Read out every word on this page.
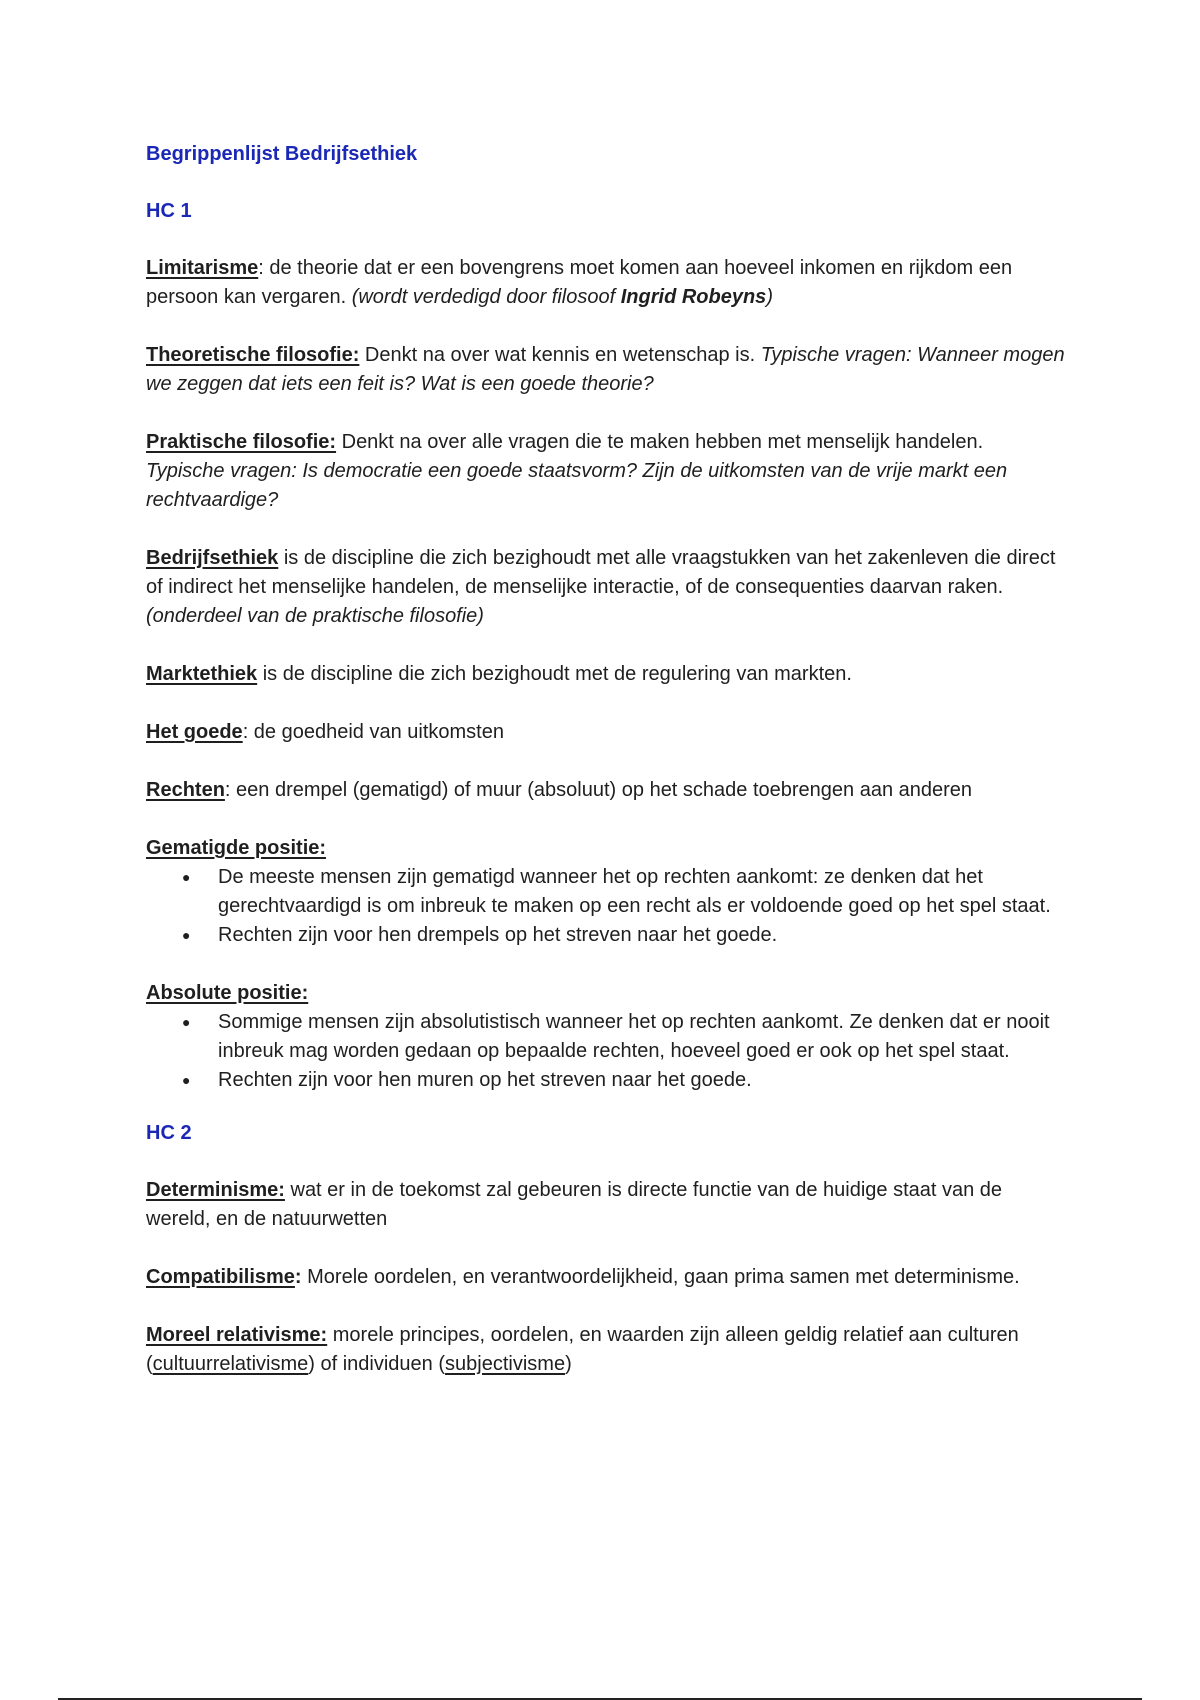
Begrippenlijst Bedrijfsethiek
HC 1

Limitarisme: de theorie dat er een bovengrens moet komen aan hoeveel inkomen en rijkdom een persoon kan vergaren. (wordt verdedigd door filosoof Ingrid Robeyns)

Theoretische filosofie: Denkt na over wat kennis en wetenschap is. Typische vragen: Wanneer mogen we zeggen dat iets een feit is? Wat is een goede theorie?

Praktische filosofie: Denkt na over alle vragen die te maken hebben met menselijk handelen. Typische vragen: Is democratie een goede staatsvorm? Zijn de uitkomsten van de vrije markt een rechtvaardige?

Bedrijfsethiek is de discipline die zich bezighoudt met alle vraagstukken van het zakenleven die direct of indirect het menselijke handelen, de menselijke interactie, of de consequenties daarvan raken. (onderdeel van de praktische filosofie)

Marktethiek is de discipline die zich bezighoudt met de regulering van markten.

Het goede: de goedheid van uitkomsten

Rechten: een drempel (gematigd) of muur (absoluut) op het schade toebrengen aan anderen

Gematigde positie:
● De meeste mensen zijn gematigd wanneer het op rechten aankomt: ze denken dat het gerechtvaardigd is om inbreuk te maken op een recht als er voldoende goed op het spel staat.
● Rechten zijn voor hen drempels op het streven naar het goede.
Absolute positie:
● Sommige mensen zijn absolutistisch wanneer het op rechten aankomt. Ze denken dat er nooit inbreuk mag worden gedaan op bepaalde rechten, hoeveel goed er ook op het spel staat.
● Rechten zijn voor hen muren op het streven naar het goede.
HC 2

Determinisme: wat er in de toekomst zal gebeuren is directe functie van de huidige staat van de wereld, en de natuurwetten

Compatibilisme: Morele oordelen, en verantwoordelijkheid, gaan prima samen met determinisme.

Moreel relativisme: morele principes, oordelen, en waarden zijn alleen geldig relatief aan culturen (cultuurrelativisme) of individuen (subjectivisme)
